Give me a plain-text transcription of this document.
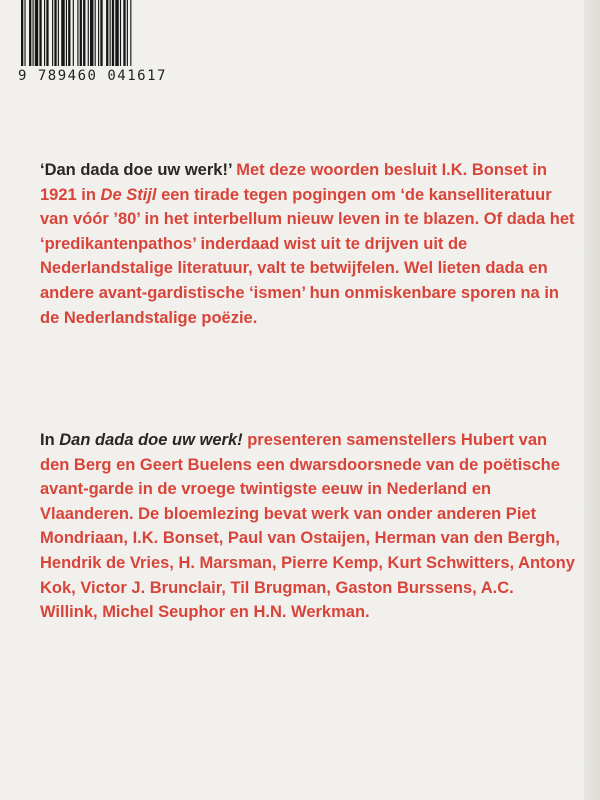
9 789460 041617

‘Dan dada doe uw werk!’ Met deze woorden besluit I.K. Bonset in 1921 in De Stijl een tirade tegen pogingen om ‘de kanselliteratuur van vóór ’80’ in het interbellum nieuw leven in te blazen. Of dada het ‘predikantenpathos’ inderdaad wist uit te drijven uit de Nederlandstalige literatuur, valt te betwijfelen. Wel lieten dada en andere avant-gardistische ‘ismen’ hun onmiskenbare sporen na in de Nederlandstalige poëzie.

In Dan dada doe uw werk! presenteren samenstellers Hubert van den Berg en Geert Buelens een dwarsdoorsnede van de poëtische avant-garde in de vroege twintigste eeuw in Nederland en Vlaanderen. De bloemlezing bevat werk van onder anderen Piet Mondriaan, I.K. Bonset, Paul van Ostaijen, Herman van den Bergh, Hendrik de Vries, H. Marsman, Pierre Kemp, Kurt Schwitters, Antony Kok, Victor J. Brunclair, Til Brugman, Gaston Burssens, A.C. Willink, Michel Seuphor en H.N. Werkman.
